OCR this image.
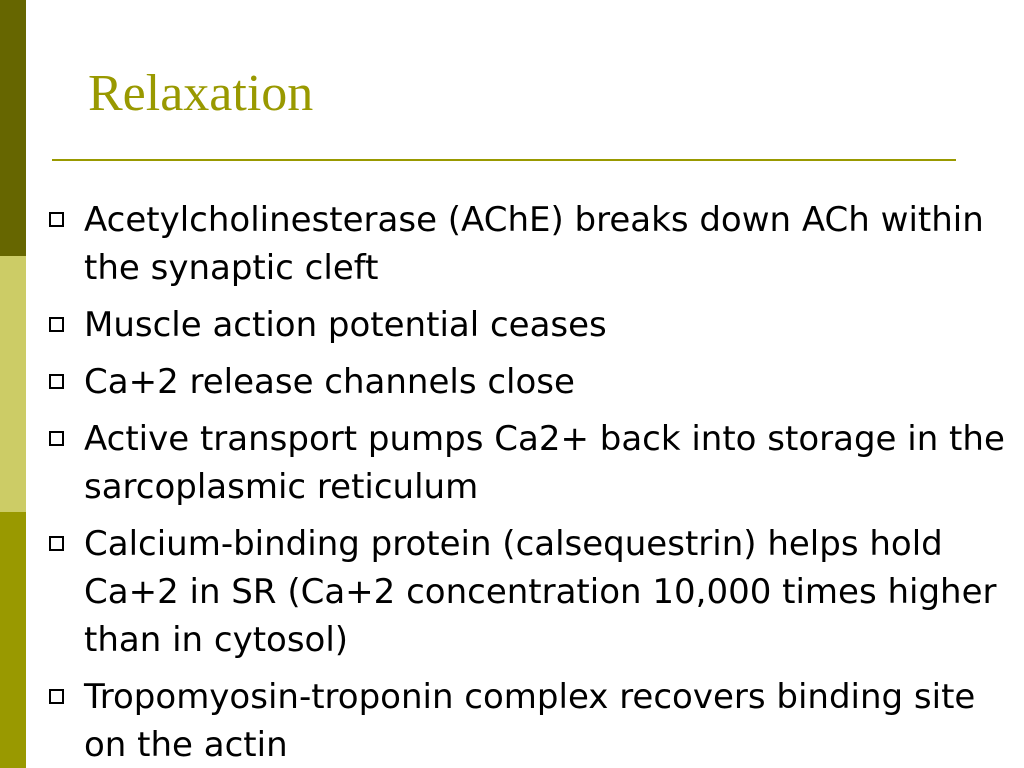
Relaxation
Acetylcholinesterase (AChE) breaks down ACh within the synaptic cleft
Muscle action potential ceases
Ca+2 release channels close
Active transport pumps Ca2+ back into storage in the sarcoplasmic reticulum
Calcium-binding protein (calsequestrin) helps hold Ca+2 in SR (Ca+2 concentration 10,000 times higher than in cytosol)
Tropomyosin-troponin complex recovers binding site on the actin
